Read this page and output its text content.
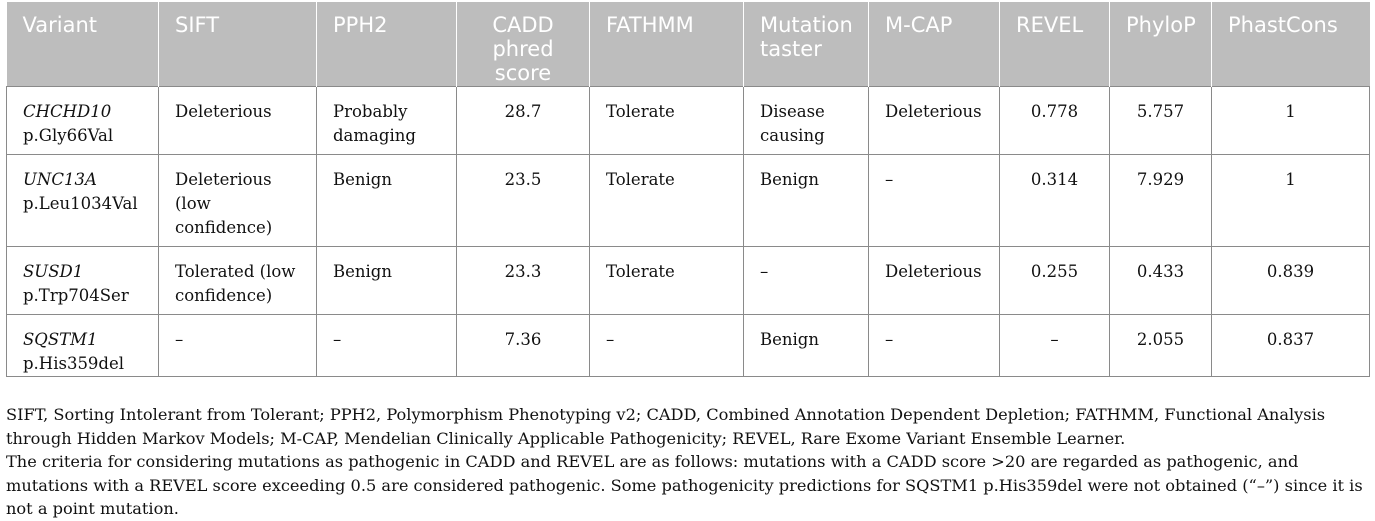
Variant	SIFT	PPH2	CADD phred score	FATHMM	Mutation taster	M-CAP	REVEL	PhyloP	PhastCons

CHCHD10
p.Gly66Val	Deleterious	Probably damaging	28.7	Tolerate	Disease causing	Deleterious	0.778	5.757	1

UNC13A
p.Leu1034Val	Deleterious (low confidence)	Benign	23.5	Tolerate	Benign	–	0.314	7.929	1

SUSD1
p.Trp704Ser	Tolerated (low confidence)	Benign	23.3	Tolerate	–	Deleterious	0.255	0.433	0.839

SQSTM1
p.His359del	–	–	7.36	–	Benign	–	–	2.055	0.837

SIFT, Sorting Intolerant from Tolerant; PPH2, Polymorphism Phenotyping v2; CADD, Combined Annotation Dependent Depletion; FATHMM, Functional Analysis through Hidden Markov Models; M-CAP, Mendelian Clinically Applicable Pathogenicity; REVEL, Rare Exome Variant Ensemble Learner.

The criteria for considering mutations as pathogenic in CADD and REVEL are as follows: mutations with a CADD score >20 are regarded as pathogenic, and mutations with a REVEL score exceeding 0.5 are considered pathogenic. Some pathogenicity predictions for SQSTM1 p.His359del were not obtained (“–”) since it is not a point mutation.
